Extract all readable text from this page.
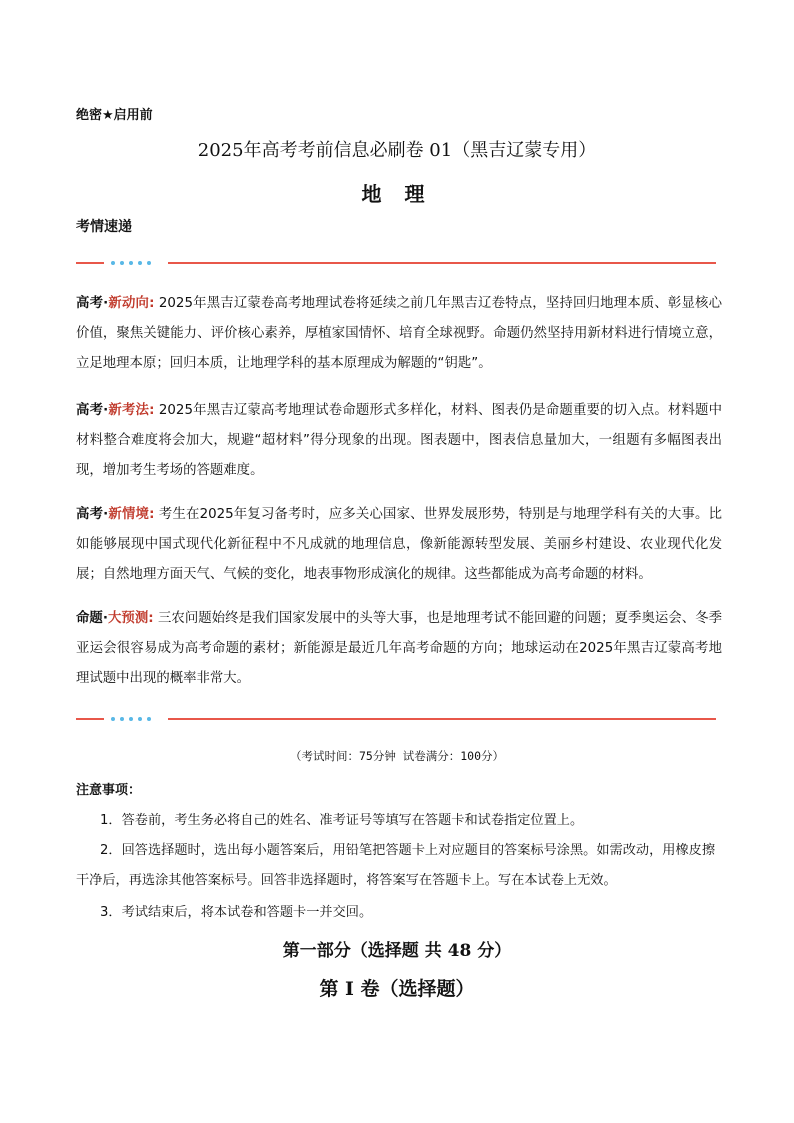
绝密★启用前
2025年高考考前信息必刷卷 01（黑吉辽蒙专用）
地 理
考情速递
高考·新动向: 2025年黑吉辽蒙卷高考地理试卷将延续之前几年黑吉辽卷特点，坚持回归地理本质、彰显核心价值，聚焦关键能力、评价核心素养，厚植家国情怀、培育全球视野。命题仍然坚持用新材料进行情境立意，立足地理本原；回归本质，让地理学科的基本原理成为解题的“钥匙”。
高考·新考法: 2025年黑吉辽蒙高考地理试卷命题形式多样化，材料、图表仍是命题重要的切入点。材料题中材料整合难度将会加大，规避“超材料”得分现象的出现。图表题中，图表信息量加大，一组题有多幅图表出现，增加考生考场的答题难度。
高考·新情境: 考生在2025年复习备考时，应多关心国家、世界发展形势，特别是与地理学科有关的大事。比如能够展现中国式现代化新征程中不凡成就的地理信息，像新能源转型发展、美丽乡村建设、农业现代化发展；自然地理方面天气、气候的变化，地表事物形成演化的规律。这些都能成为高考命题的材料。
命题·大预测: 三农问题始终是我们国家发展中的头等大事，也是地理考试不能回避的问题；夏季奥运会、冬季亚运会很容易成为高考命题的素材；新能源是最近几年高考命题的方向；地球运动在2025年黑吉辽蒙高考地理试题中出现的概率非常大。
（考试时间：75分钟 试卷满分：100分）
注意事项：
1．答卷前，考生务必将自己的姓名、准考证号等填写在答题卡和试卷指定位置上。
2．回答选择题时，选出每小题答案后，用铅笔把答题卡上对应题目的答案标号涂黑。如需改动，用橡皮擦干净后，再选涂其他答案标号。回答非选择题时，将答案写在答题卡上。写在本试卷上无效。
3．考试结束后，将本试卷和答题卡一并交回。
第一部分（选择题 共 48 分）
第 I 卷（选择题）
